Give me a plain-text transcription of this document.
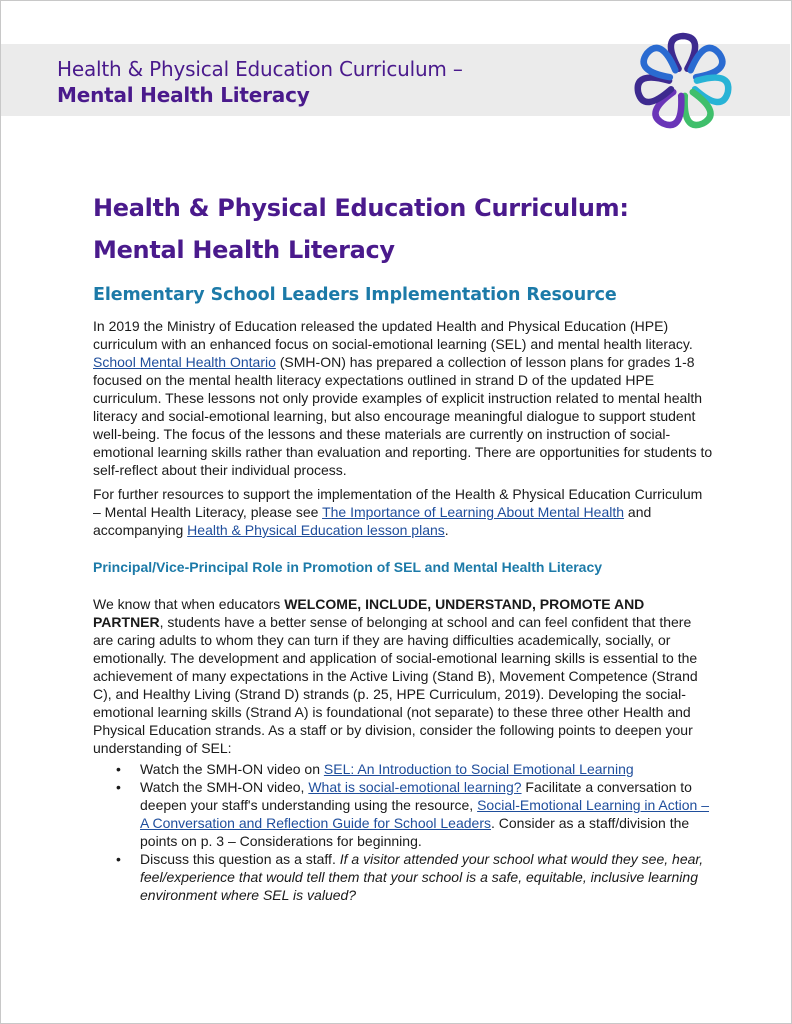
Health & Physical Education Curriculum –
Mental Health Literacy
Health & Physical Education Curriculum:
Mental Health Literacy
Elementary School Leaders Implementation Resource
In 2019 the Ministry of Education released the updated Health and Physical Education (HPE) curriculum with an enhanced focus on social-emotional learning (SEL) and mental health literacy. School Mental Health Ontario (SMH-ON) has prepared a collection of lesson plans for grades 1-8 focused on the mental health literacy expectations outlined in strand D of the updated HPE curriculum. These lessons not only provide examples of explicit instruction related to mental health literacy and social-emotional learning, but also encourage meaningful dialogue to support student well-being. The focus of the lessons and these materials are currently on instruction of social-emotional learning skills rather than evaluation and reporting. There are opportunities for students to self-reflect about their individual process.
For further resources to support the implementation of the Health & Physical Education Curriculum – Mental Health Literacy, please see The Importance of Learning About Mental Health and accompanying Health & Physical Education lesson plans.
Principal/Vice-Principal Role in Promotion of SEL and Mental Health Literacy
We know that when educators WELCOME, INCLUDE, UNDERSTAND, PROMOTE AND PARTNER, students have a better sense of belonging at school and can feel confident that there are caring adults to whom they can turn if they are having difficulties academically, socially, or emotionally. The development and application of social-emotional learning skills is essential to the achievement of many expectations in the Active Living (Stand B), Movement Competence (Strand C), and Healthy Living (Strand D) strands (p. 25, HPE Curriculum, 2019). Developing the social-emotional learning skills (Strand A) is foundational (not separate) to these three other Health and Physical Education strands. As a staff or by division, consider the following points to deepen your understanding of SEL:
• Watch the SMH-ON video on SEL: An Introduction to Social Emotional Learning
• Watch the SMH-ON video, What is social-emotional learning? Facilitate a conversation to deepen your staff's understanding using the resource, Social-Emotional Learning in Action – A Conversation and Reflection Guide for School Leaders. Consider as a staff/division the points on p. 3 – Considerations for beginning.
• Discuss this question as a staff. If a visitor attended your school what would they see, hear, feel/experience that would tell them that your school is a safe, equitable, inclusive learning environment where SEL is valued?
